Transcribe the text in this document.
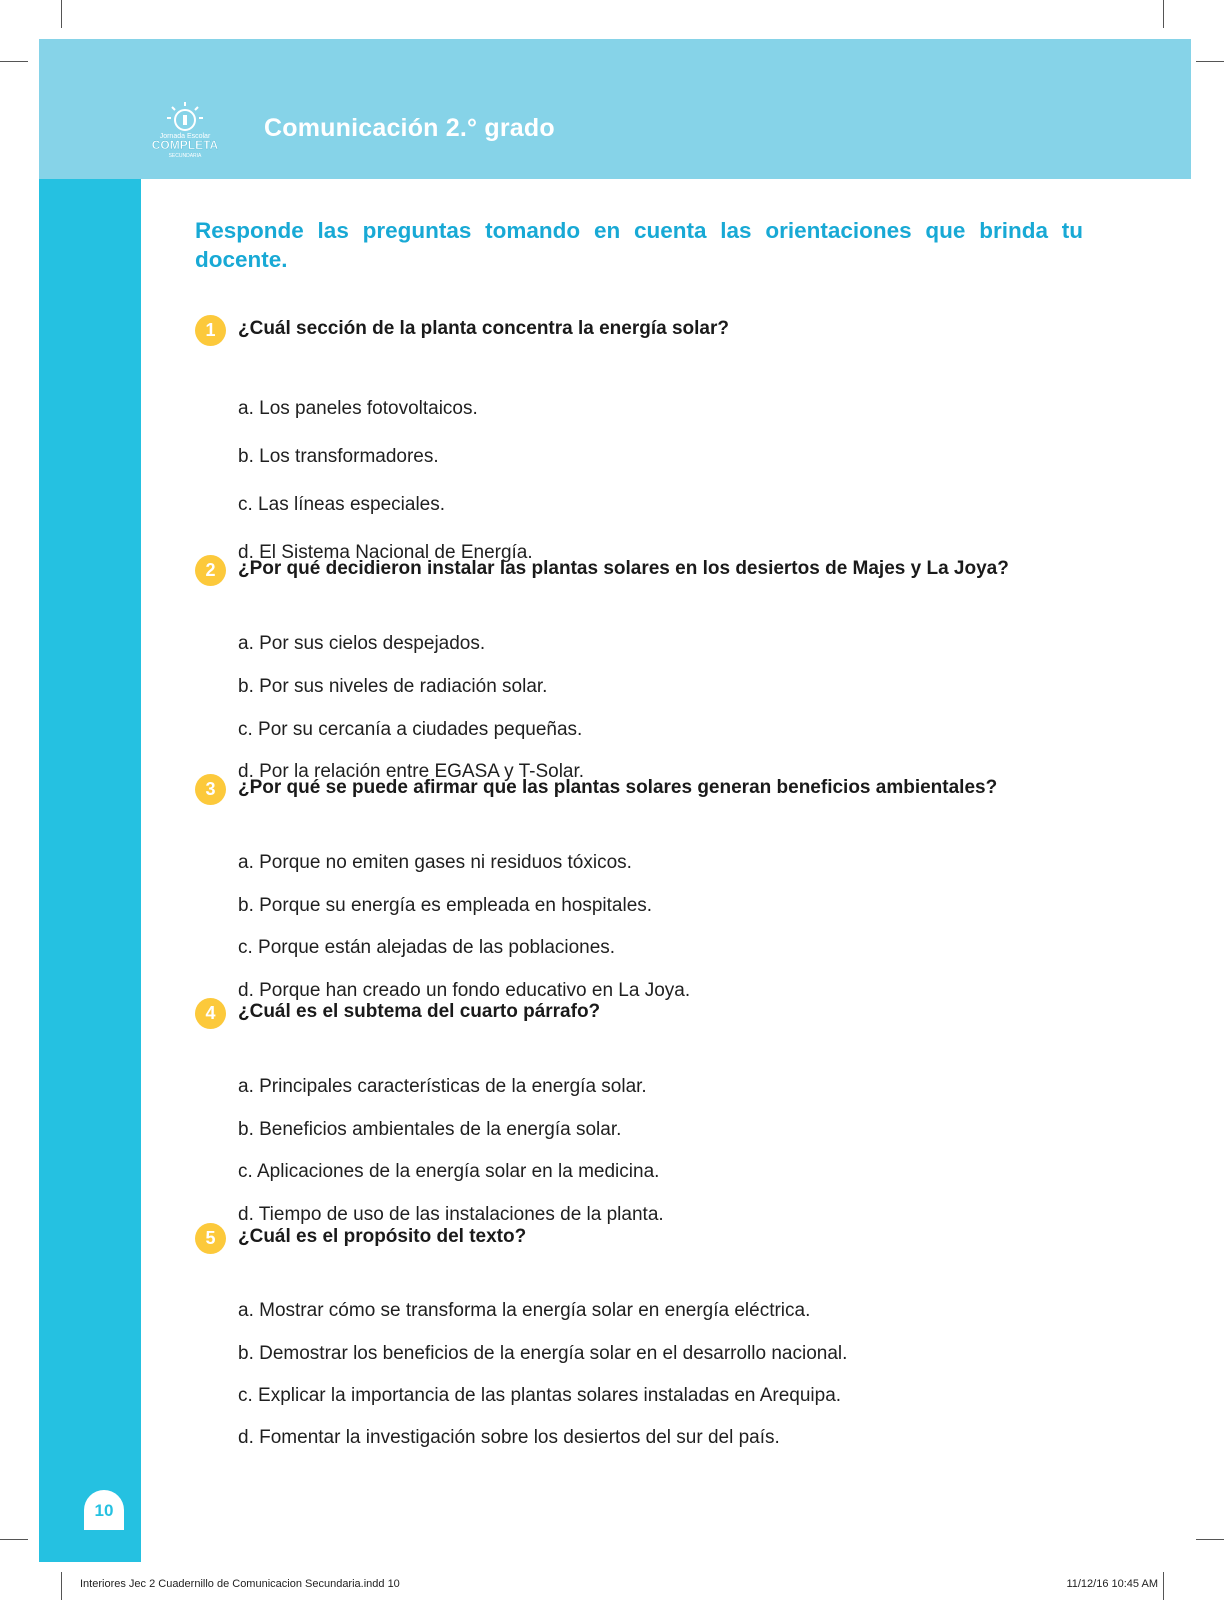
Jornada Escolar
COMPLETA
SECUNDARIA
Comunicación 2.° grado
Responde las preguntas tomando en cuenta las orientaciones que brinda tu docente.
1	¿Cuál sección de la planta concentra la energía solar?
a. Los paneles fotovoltaicos.
b. Los transformadores.
c. Las líneas especiales.
d. El Sistema Nacional de Energía.
2	¿Por qué decidieron instalar las plantas solares en los desiertos de Majes y La Joya?
a. Por sus cielos despejados.
b. Por sus niveles de radiación solar.
c. Por su cercanía a ciudades pequeñas.
d. Por la relación entre EGASA y T-Solar.
3	¿Por qué se puede afirmar que las plantas solares generan beneficios ambientales?
a. Porque no emiten gases ni residuos tóxicos.
b. Porque su energía es empleada en hospitales.
c. Porque están alejadas de las poblaciones.
d. Porque han creado un fondo educativo en La Joya.
4	¿Cuál es el subtema del cuarto párrafo?
a. Principales características de la energía solar.
b. Beneficios ambientales de la energía solar.
c. Aplicaciones de la energía solar en la medicina.
d. Tiempo de uso de las instalaciones de la planta.
5	¿Cuál es el propósito del texto?
a. Mostrar cómo se transforma la energía solar en energía eléctrica.
b. Demostrar los beneficios de la energía solar en el desarrollo nacional.
c. Explicar la importancia de las plantas solares instaladas en Arequipa.
d. Fomentar la investigación sobre los desiertos del sur del país.
10
Interiores Jec 2 Cuadernillo de Comunicacion Secundaria.indd 10	11/12/16 10:45 AM
